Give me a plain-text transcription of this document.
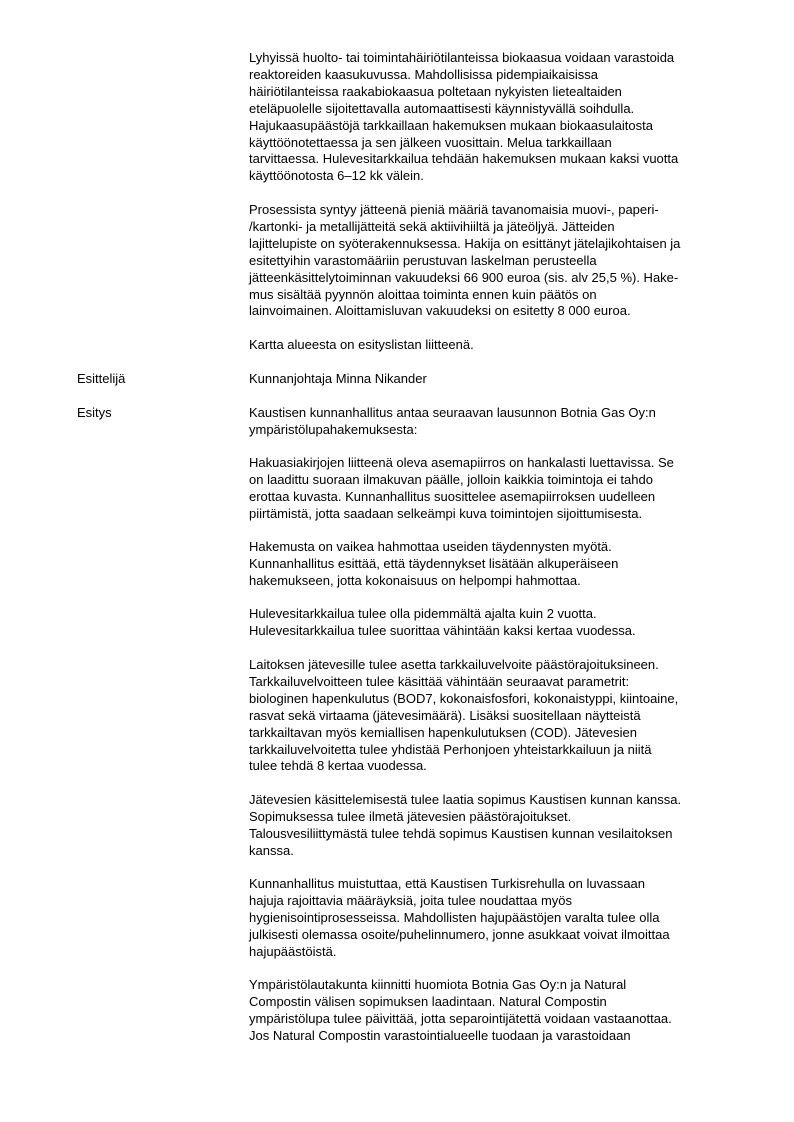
Lyhyissä huolto- tai toimintahäiriötilanteissa biokaasua voidaan varastoida
reaktoreiden kaasukuvussa. Mahdollisissa pidempiaikaisissa
häiriötilanteissa raakabiokaasua poltetaan nykyisten lietealtaiden
eteläpuolelle sijoitettavalla automaattisesti käynnistyvällä soihdulla.
Hajukaasupäästöjä tarkkaillaan hakemuksen mukaan biokaasulaitosta
käyttöönotettaessa ja sen jälkeen vuosittain. Melua tarkkaillaan
tarvittaessa. Hulevesitarkkailua tehdään hakemuksen mukaan kaksi vuotta
käyttöönotosta 6–12 kk välein.
Prosessista syntyy jätteenä pieniä määriä tavanomaisia muovi-, paperi-
/kartonki- ja metallijätteitä sekä aktiivihiiltä ja jäteöljyä. Jätteiden
lajittelupiste on syöterakennuksessa. Hakija on esittänyt jätelajikohtaisen ja
esitettyihin varastomääriin perustuvan laskelman perusteella
jätteenkäsittelytoiminnan vakuudeksi 66 900 euroa (sis. alv 25,5 %). Hake-
mus sisältää pyynnön aloittaa toiminta ennen kuin päätös on
lainvoimainen. Aloittamisluvan vakuudeksi on esitetty 8 000 euroa.
Kartta alueesta on esityslistan liitteenä.
Esittelijä	Kunnanjohtaja Minna Nikander
Esitys	Kaustisen kunnanhallitus antaa seuraavan lausunnon Botnia Gas Oy:n
ympäristölupahakemuksesta:
Hakuasiakirjojen liitteenä oleva asemapiirros on hankalasti luettavissa. Se
on laadittu suoraan ilmakuvan päälle, jolloin kaikkia toimintoja ei tahdo
erottaa kuvasta. Kunnanhallitus suosittelee asemapiirroksen uudelleen
piirtämistä, jotta saadaan selkeämpi kuva toimintojen sijoittumisesta.
Hakemusta on vaikea hahmottaa useiden täydennysten myötä.
Kunnanhallitus esittää, että täydennykset lisätään alkuperäiseen
hakemukseen, jotta kokonaisuus on helpompi hahmottaa.
Hulevesitarkkailua tulee olla pidemmältä ajalta kuin 2 vuotta.
Hulevesitarkkailua tulee suorittaa vähintään kaksi kertaa vuodessa.
Laitoksen jätevesille tulee asetta tarkkailuvelvoite päästörajoituksineen.
Tarkkailuvelvoitteen tulee käsittää vähintään seuraavat parametrit:
biologinen hapenkulutus (BOD7, kokonaisfosfori, kokonaistyppi, kiintoaine,
rasvat sekä virtaama (jätevesimäärä). Lisäksi suositellaan näytteistä
tarkkailtavan myös kemiallisen hapenkulutuksen (COD). Jätevesien
tarkkailuvelvoitetta tulee yhdistää Perhonjoen yhteistarkkailuun ja niitä
tulee tehdä 8 kertaa vuodessa.
Jätevesien käsittelemisestä tulee laatia sopimus Kaustisen kunnan kanssa.
Sopimuksessa tulee ilmetä jätevesien päästörajoitukset.
Talousvesiliittymästä tulee tehdä sopimus Kaustisen kunnan vesilaitoksen
kanssa.
Kunnanhallitus muistuttaa, että Kaustisen Turkisrehulla on luvassaan
hajuja rajoittavia määräyksiä, joita tulee noudattaa myös
hygienisointiprosesseissa. Mahdollisten hajupäästöjen varalta tulee olla
julkisesti olemassa osoite/puhelinnumero, jonne asukkaat voivat ilmoittaa
hajupäästöistä.
Ympäristölautakunta kiinnitti huomiota Botnia Gas Oy:n ja Natural
Compostin välisen sopimuksen laadintaan. Natural Compostin
ympäristölupa tulee päivittää, jotta separointijätettä voidaan vastaanottaa.
Jos Natural Compostin varastointialueelle tuodaan ja varastoidaan
